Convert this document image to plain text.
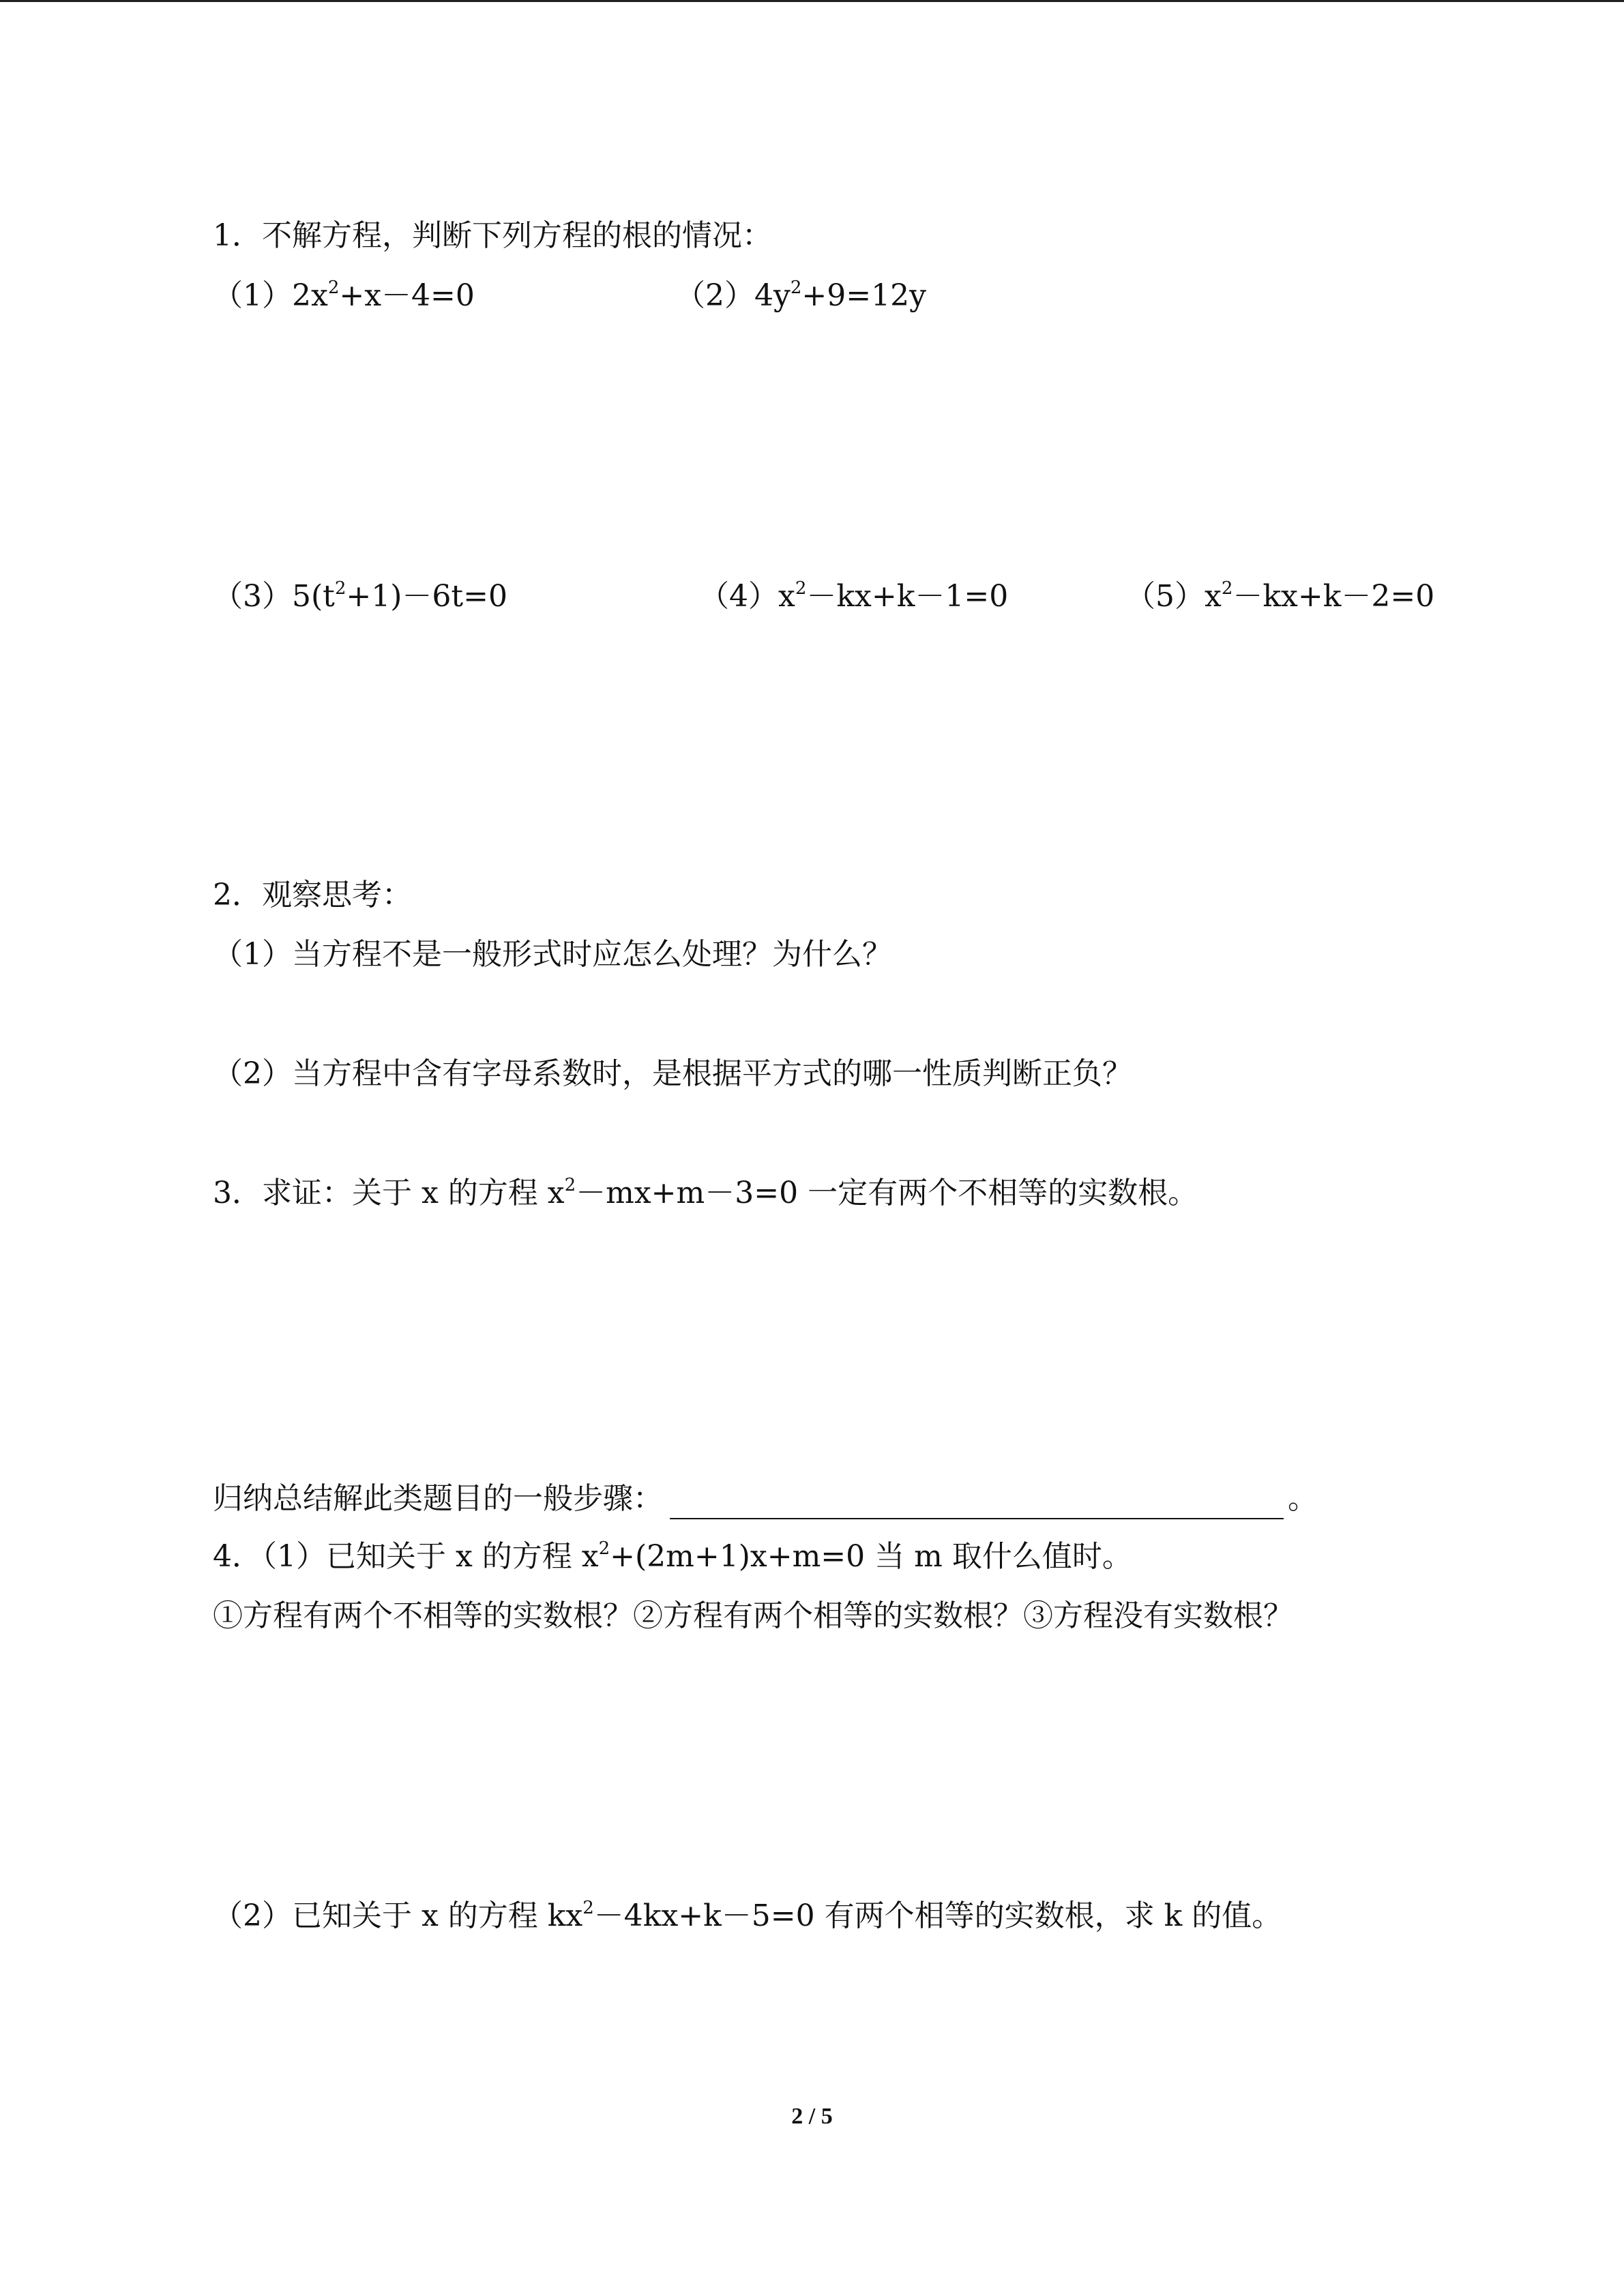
1．不解方程，判断下列方程的根的情况：
$(1)2x^2+x-4=0$	$(2)4y^2+9=12y$
$(3)5(t^2+1)-6t=0$	$(4)x^2-kx+k-1=0$	$(5)x^2-kx+k-2=0$
2．观察思考：
（1）当方程不是一般形式时应怎么处理？为什么？
（2）当方程中含有字母系数时，是根据平方式的哪一性质判断正负？
3．求证：关于 x 的方程 $x^2-mx+m-3=0$ 一定有两个不相等的实数根。
归纳总结解此类题目的一般步骤：	。
4．（1）已知关于 x 的方程 $x^2+(2m+1)x+m=0$ 当 m 取什么值时。
①方程有两个不相等的实数根？②方程有两个相等的实数根？③方程没有实数根？
（2）已知关于 x 的方程 $kx^2-4kx+k-5=0$ 有两个相等的实数根，求 k 的值。
2 / 5
